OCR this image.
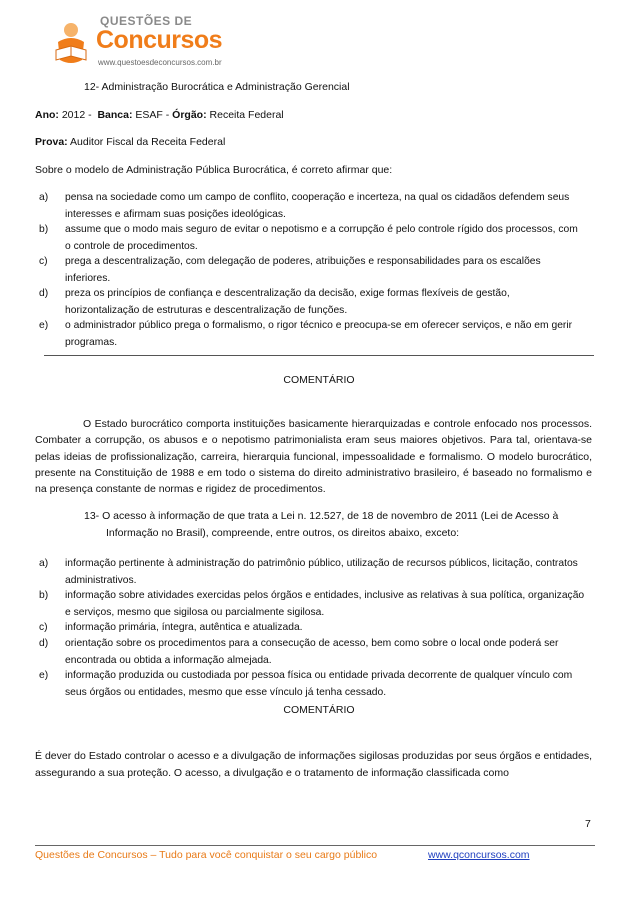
QUESTÕES DE
Concursos
www.questoesdeconcursos.com.br
12- Administração Burocrática e Administração Gerencial
Ano: 2012 - Banca: ESAF - Órgão: Receita Federal
Prova: Auditor Fiscal da Receita Federal
Sobre o modelo de Administração Pública Burocrática, é correto afirmar que:
a) pensa na sociedade como um campo de conflito, cooperação e incerteza, na qual os cidadãos defendem seus interesses e afirmam suas posições ideológicas.
b) assume que o modo mais seguro de evitar o nepotismo e a corrupção é pelo controle rígido dos processos, com o controle de procedimentos.
c) prega a descentralização, com delegação de poderes, atribuições e responsabilidades para os escalões inferiores.
d) preza os princípios de confiança e descentralização da decisão, exige formas flexíveis de gestão, horizontalização de estruturas e descentralização de funções.
e) o administrador público prega o formalismo, o rigor técnico e preocupa-se em oferecer serviços, e não em gerir programas.
COMENTÁRIO
O Estado burocrático comporta instituições basicamente hierarquizadas e controle enfocado nos processos. Combater a corrupção, os abusos e o nepotismo patrimonialista eram seus maiores objetivos. Para tal, orientava-se pelas ideias de profissionalização, carreira, hierarquia funcional, impessoalidade e formalismo. O modelo burocrático, presente na Constituição de 1988 e em todo o sistema do direito administrativo brasileiro, é baseado no formalismo e na presença constante de normas e rigidez de procedimentos.
13- O acesso à informação de que trata a Lei n. 12.527, de 18 de novembro de 2011 (Lei de Acesso à
Informação no Brasil), compreende, entre outros, os direitos abaixo, exceto:
a) informação pertinente à administração do patrimônio público, utilização de recursos públicos, licitação, contratos administrativos.
b) informação sobre atividades exercidas pelos órgãos e entidades, inclusive as relativas à sua política, organização e serviços, mesmo que sigilosa ou parcialmente sigilosa.
c) informação primária, íntegra, autêntica e atualizada.
d) orientação sobre os procedimentos para a consecução de acesso, bem como sobre o local onde poderá ser encontrada ou obtida a informação almejada.
e) informação produzida ou custodiada por pessoa física ou entidade privada decorrente de qualquer vínculo com seus órgãos ou entidades, mesmo que esse vínculo já tenha cessado.
COMENTÁRIO
É dever do Estado controlar o acesso e a divulgação de informações sigilosas produzidas por seus órgãos e entidades, assegurando a sua proteção. O acesso, a divulgação e o tratamento de informação classificada como
7
Questões de Concursos – Tudo para você conquistar o seu cargo público	www.qconcursos.com
